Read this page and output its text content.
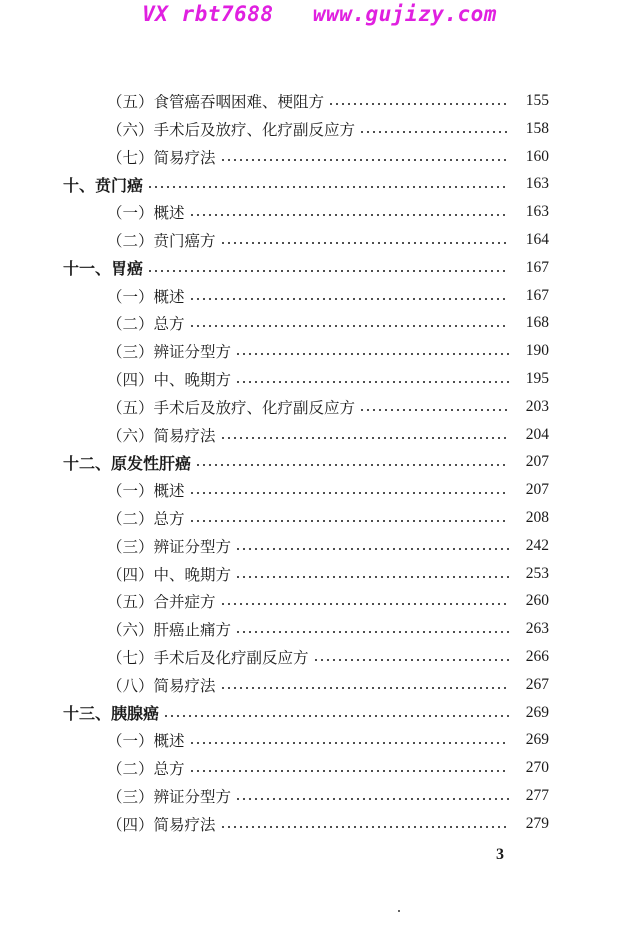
VX rbt7688   www.gujizy.com
（五）食管癌吞咽困难、梗阻方	155
（六）手术后及放疗、化疗副反应方	158
（七）简易疗法	160
十、贲门癌	163
（一）概述	163
（二）贲门癌方	164
十一、胃癌	167
（一）概述	167
（二）总方	168
（三）辨证分型方	190
（四）中、晚期方	195
（五）手术后及放疗、化疗副反应方	203
（六）简易疗法	204
十二、原发性肝癌	207
（一）概述	207
（二）总方	208
（三）辨证分型方	242
（四）中、晚期方	253
（五）合并症方	260
（六）肝癌止痛方	263
（七）手术后及化疗副反应方	266
（八）简易疗法	267
十三、胰腺癌	269
（一）概述	269
（二）总方	270
（三）辨证分型方	277
（四）简易疗法	279
3
